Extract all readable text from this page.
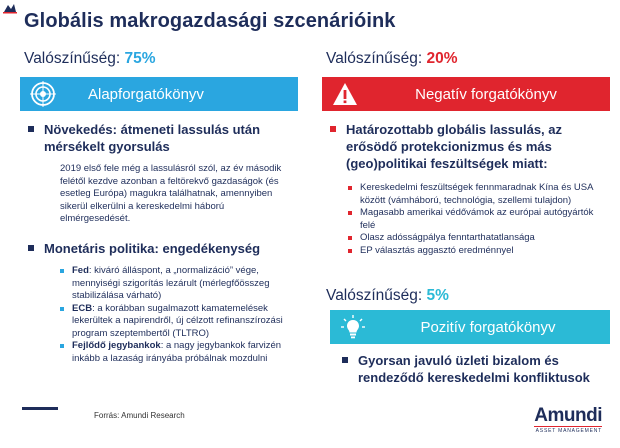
Globális makrogazdasági szcenárióink
Valószínűség: 75%
Alapforgatókönyv
Növekedés: átmeneti lassulás után mérsékelt gyorsulás
2019 első fele még a lassulásról szól, az év második felétől kezdve azonban a feltörekvő gazdaságok (és esetleg Európa) magukra találhatnak, amennyiben sikerül elkerülni a kereskedelmi háború elmérgesedését.
Monetáris politika: engedékenység
Fed: kiváró álláspont, a „normalizáció” vége, mennyiségi szigorítás lezárult (mérlegfőösszeg stabilizálása várható)
ECB: a korábban sugalmazott kamatemelések lekerültek a napirendről, új célzott refinanszírozási program szeptembertől (TLTRO)
Fejlődő jegybankok: a nagy jegybankok farvizén inkább a lazaság irányába próbálnak mozdulni
Valószínűség: 20%
Negatív forgatókönyv
Határozottabb globális lassulás, az erősödő protekcionizmus és más (geo)politikai feszültségek miatt:
Kereskedelmi feszültségek fennmaradnak Kína és USA között (vámháború, technológia, szellemi tulajdon)
Magasabb amerikai védővámok az európai autógyártók felé
Olasz adósságpálya fenntarthatatlansága
EP választás aggasztó eredménnyel
Valószínűség: 5%
Pozitív forgatókönyv
Gyorsan javuló üzleti bizalom és rendeződő kereskedelmi konfliktusok
Forrás: Amundi Research	Amundi
ASSET MANAGEMENT
